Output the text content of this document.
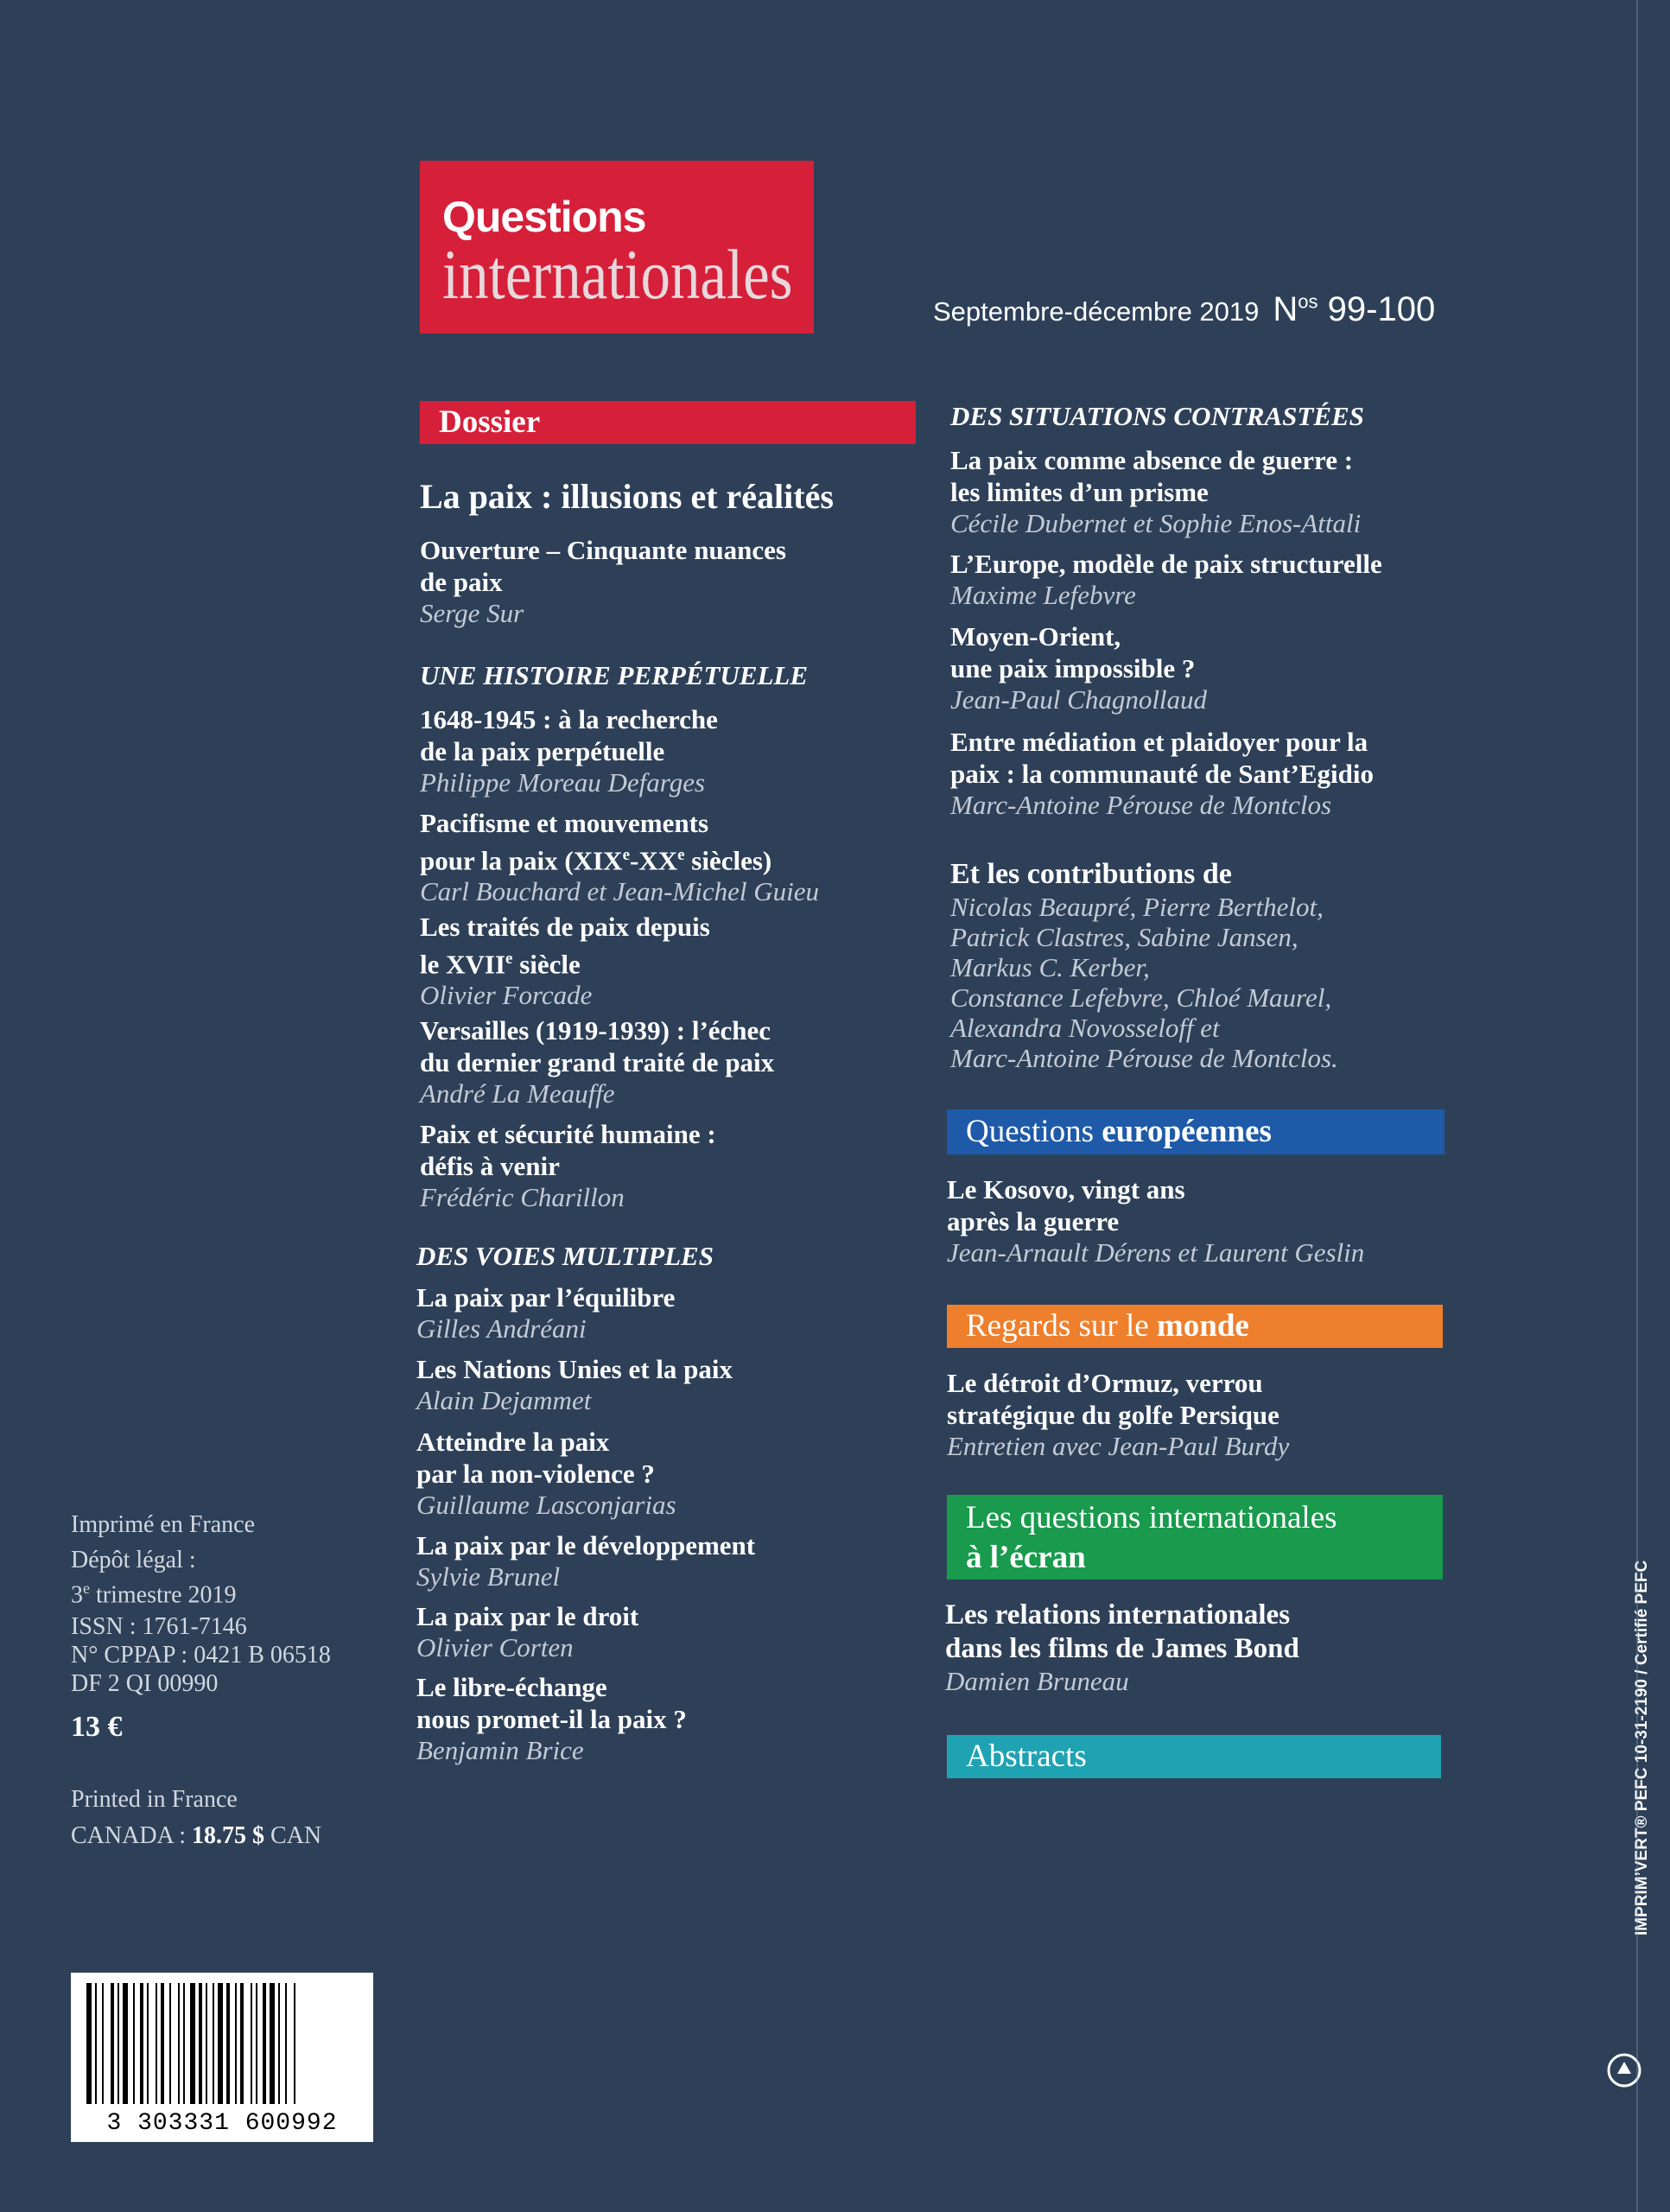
Questions
internationales	Septembre-décembre 2019 $N^{os}$ 99-100
Dossier
La paix : illusions et réalités
Ouverture – Cinquante nuances
de paix
Serge Sur
UNE HISTOIRE PERPÉTUELLE
1648-1945 : à la recherche
de la paix perpétuelle
Philippe Moreau Defarges
Pacifisme et mouvements
pour la paix (XIXe-XXe siècles)
Carl Bouchard et Jean-Michel Guieu
Les traités de paix depuis
le XVIIe siècle
Olivier Forcade
Versailles (1919-1939) : l’échec
du dernier grand traité de paix
André La Meauffe
Paix et sécurité humaine :
défis à venir
Frédéric Charillon
DES VOIES MULTIPLES
La paix par l’équilibre
Gilles Andréani
Les Nations Unies et la paix
Alain Dejammet
Atteindre la paix
par la non-violence ?
Guillaume Lasconjarias
La paix par le développement
Sylvie Brunel
La paix par le droit
Olivier Corten
Le libre-échange
nous promet-il la paix ?
Benjamin Brice
DES SITUATIONS CONTRASTÉES
La paix comme absence de guerre :
les limites d’un prisme
Cécile Dubernet et Sophie Enos-Attali
L’Europe, modèle de paix structurelle
Maxime Lefebvre
Moyen-Orient,
une paix impossible ?
Jean-Paul Chagnollaud
Entre médiation et plaidoyer pour la
paix : la communauté de Sant’Egidio
Marc-Antoine Pérouse de Montclos
Et les contributions de
Nicolas Beaupré, Pierre Berthelot,
Patrick Clastres, Sabine Jansen,
Markus C. Kerber,
Constance Lefebvre, Chloé Maurel,
Alexandra Novosseloff et
Marc-Antoine Pérouse de Montclos.
Questions européennes
Le Kosovo, vingt ans
après la guerre
Jean-Arnault Dérens et Laurent Geslin
Regards sur le monde
Le détroit d’Ormuz, verrou
stratégique du golfe Persique
Entretien avec Jean-Paul Burdy
Les questions internationales
à l’écran
Les relations internationales
dans les films de James Bond
Damien Bruneau
Abstracts
Imprimé en France
Dépôt légal :
3e trimestre 2019
ISSN : 1761-7146
N° CPPAP : 0421 B 06518
DF 2 QI 00990
13 €
Printed in France
CANADA : 18.75 $ CAN
3 303331 600992
IMPRIM’VERT® PEFC 10-31-2190 / Certifié PEFC
